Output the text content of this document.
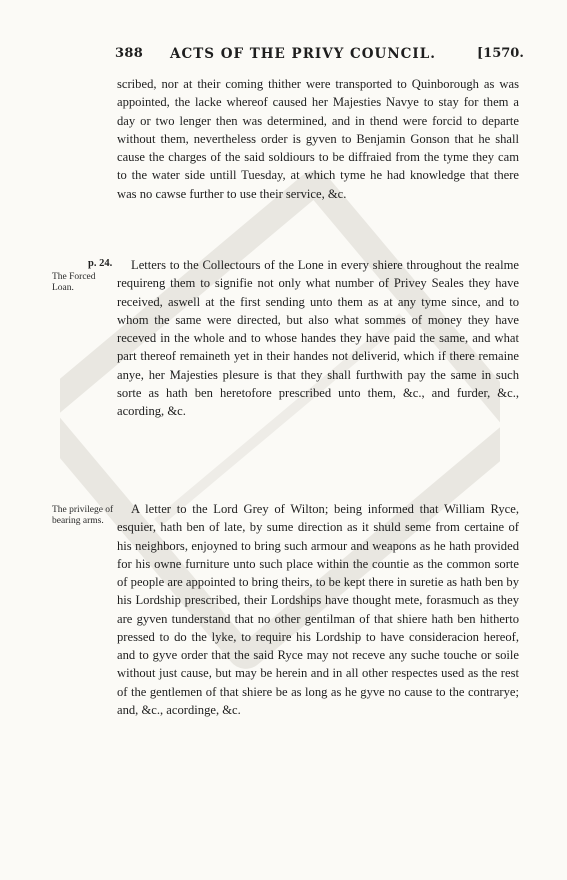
388 ACTS OF THE PRIVY COUNCIL.	[1570.

scribed, nor at their coming thither were transported to Quinborough as was appointed, the lacke whereof caused her Majesties Navye to stay for them a day or two lenger then was determined, and in thend were forcid to departe without them, nevertheless order is gyven to Benjamin Gonson that he shall cause the charges of the said soldiours to be diffraied from the tyme they cam to the water side untill Tuesday, at which tyme he had knowledge that there was no cawse further to use their service, &c.

p. 24.
The Forced Loan.

Letters to the Collectours of the Lone in every shiere throughout the realme requireng them to signifie not only what number of Privey Seales they have received, aswell at the first sending unto them as at any tyme since, and to whom the same were directed, but also what sommes of money they have receved in the whole and to whose handes they have paid the same, and what part thereof remaineth yet in their handes not deliverid, which if there remaine anye, her Majesties plesure is that they shall furthwith pay the same in such sorte as hath ben heretofore prescribed unto them, &c., and furder, &c., acording, &c.

The privilege of bearing arms.

A letter to the Lord Grey of Wilton; being informed that William Ryce, esquier, hath ben of late, by sume direction as it shuld seme from certaine of his neighbors, enjoyned to bring such armour and weapons as he hath provided for his owne furniture unto such place within the countie as the common sorte of people are appointed to bring theirs, to be kept there in suretie as hath ben by his Lordship prescribed, their Lordships have thought mete, forasmuch as they are gyven tunderstand that no other gentilman of that shiere hath ben hitherto pressed to do the lyke, to require his Lordship to have consideracion hereof, and to gyve order that the said Ryce may not receve any suche touche or soile without just cause, but may be herein and in all other respectes used as the rest of the gentlemen of that shiere be as long as he gyve no cause to the contrarye; and, &c., acordinge, &c.
